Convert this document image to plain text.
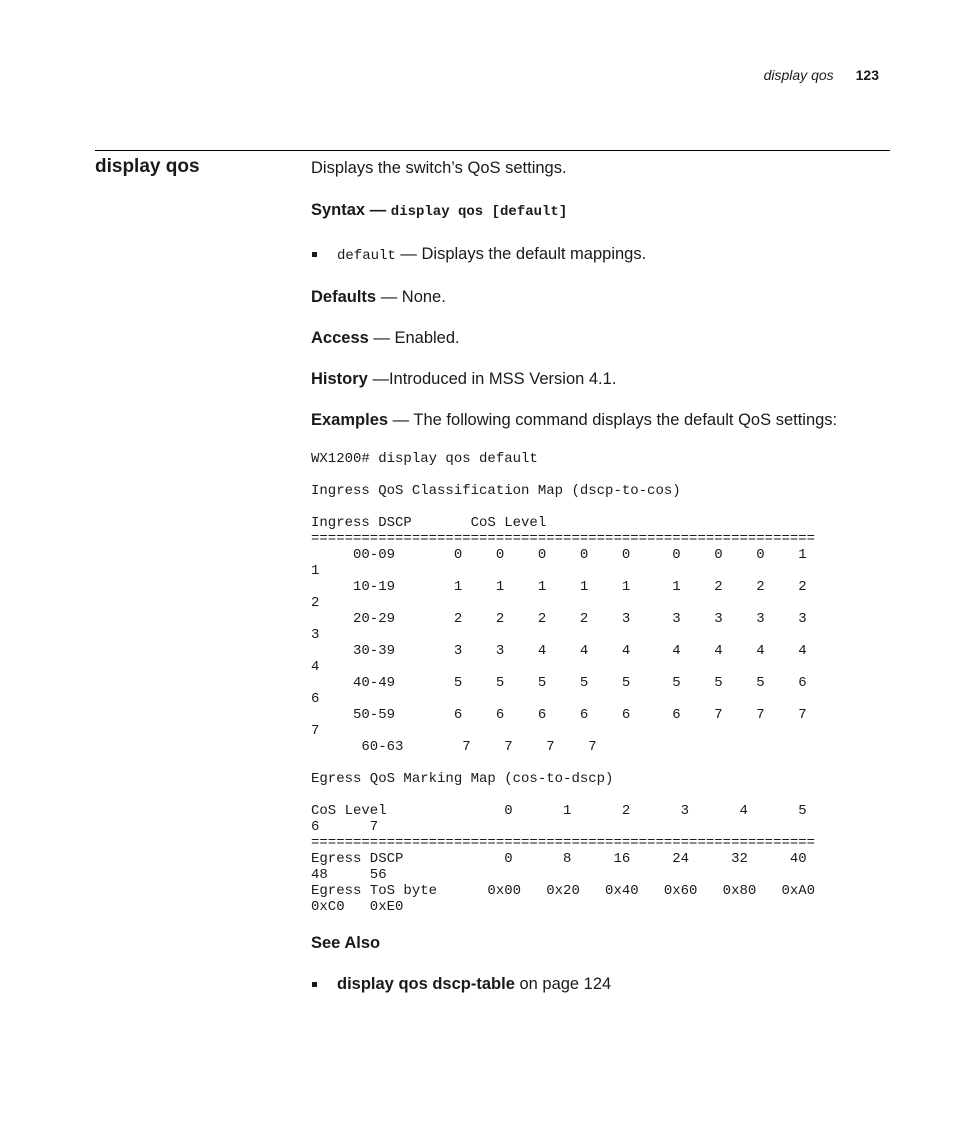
display qos 123
display qos	Displays the switch’s QoS settings.

Syntax — display qos [default]

default — Displays the default mappings.

Defaults — None.

Access — Enabled.

History —Introduced in MSS Version 4.1.

Examples — The following command displays the default QoS settings:

WX1200# display qos default

Ingress QoS Classification Map (dscp-to-cos)

Ingress DSCP       CoS Level
============================================================
00-09       0    0    0    0    0     0    0    0    1
1
10-19       1    1    1    1    1     1    2    2    2
2
20-29       2    2    2    2    3     3    3    3    3
3
30-39       3    3    4    4    4     4    4    4    4
4
40-49       5    5    5    5    5     5    5    5    6
6
50-59       6    6    6    6    6     6    7    7    7
7
60-63       7    7    7    7

Egress QoS Marking Map (cos-to-dscp)

CoS Level              0      1      2      3      4      5
6      7
============================================================
Egress DSCP            0      8     16     24     32     40
48     56
Egress ToS byte      0x00   0x20   0x40   0x60   0x80   0xA0
0xC0   0xE0

See Also

display qos dscp-table on page 124
